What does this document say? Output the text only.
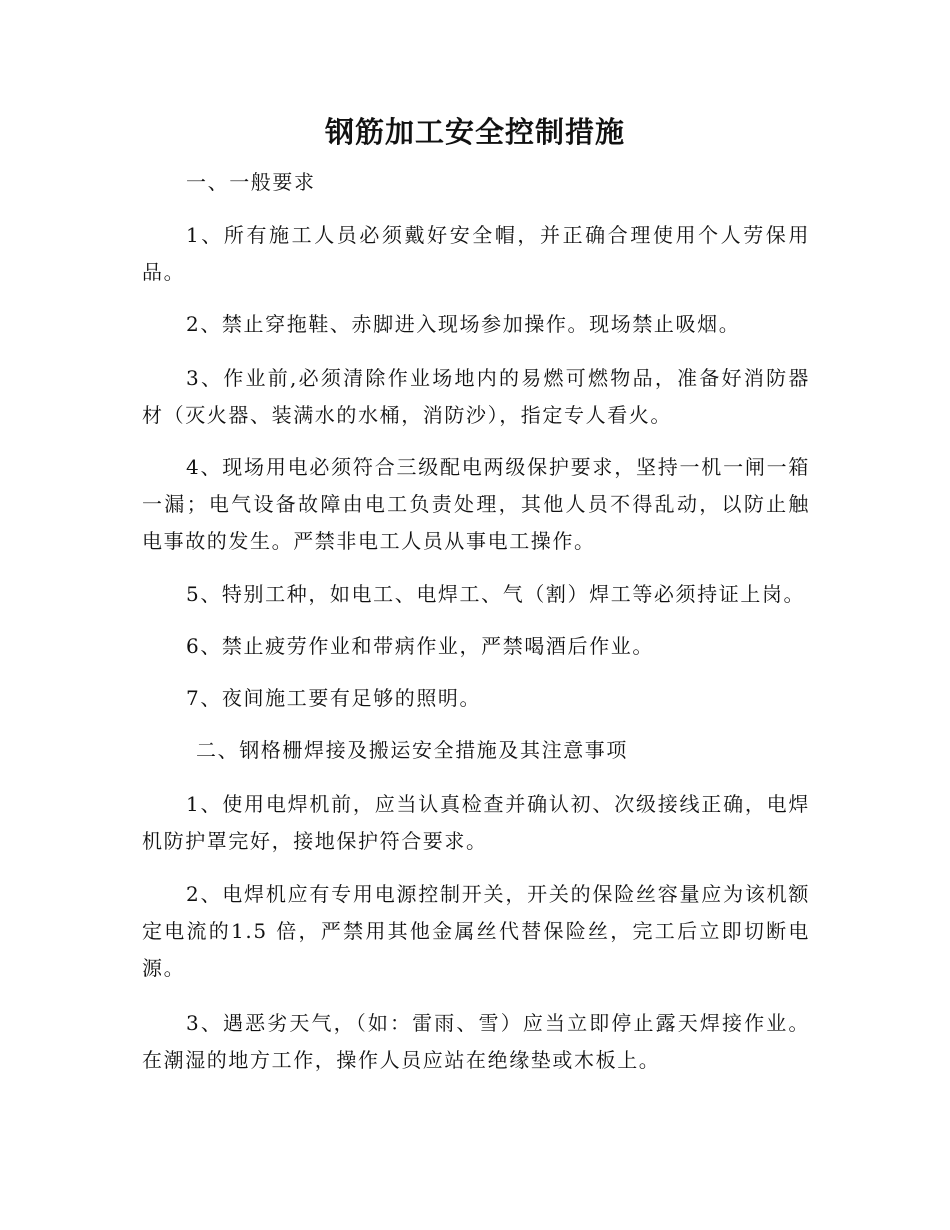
钢筋加工安全控制措施

一、一般要求

1、所有施工人员必须戴好安全帽，并正确合理使用个人劳保用品。

2、禁止穿拖鞋、赤脚进入现场参加操作。现场禁止吸烟。

3、作业前,必须清除作业场地内的易燃可燃物品，准备好消防器材（灭火器、装满水的水桶，消防沙），指定专人看火。

4、现场用电必须符合三级配电两级保护要求，坚持一机一闸一箱一漏；电气设备故障由电工负责处理，其他人员不得乱动，以防止触电事故的发生。严禁非电工人员从事电工操作。

5、特别工种，如电工、电焊工、气（割）焊工等必须持证上岗。

6、禁止疲劳作业和带病作业，严禁喝酒后作业。

7、夜间施工要有足够的照明。

二、钢格栅焊接及搬运安全措施及其注意事项

1、使用电焊机前，应当认真检查并确认初、次级接线正确，电焊机防护罩完好，接地保护符合要求。

2、电焊机应有专用电源控制开关，开关的保险丝容量应为该机额定电流的1.5 倍，严禁用其他金属丝代替保险丝，完工后立即切断电源。

3、遇恶劣天气，（如：雷雨、雪）应当立即停止露天焊接作业。在潮湿的地方工作，操作人员应站在绝缘垫或木板上。
